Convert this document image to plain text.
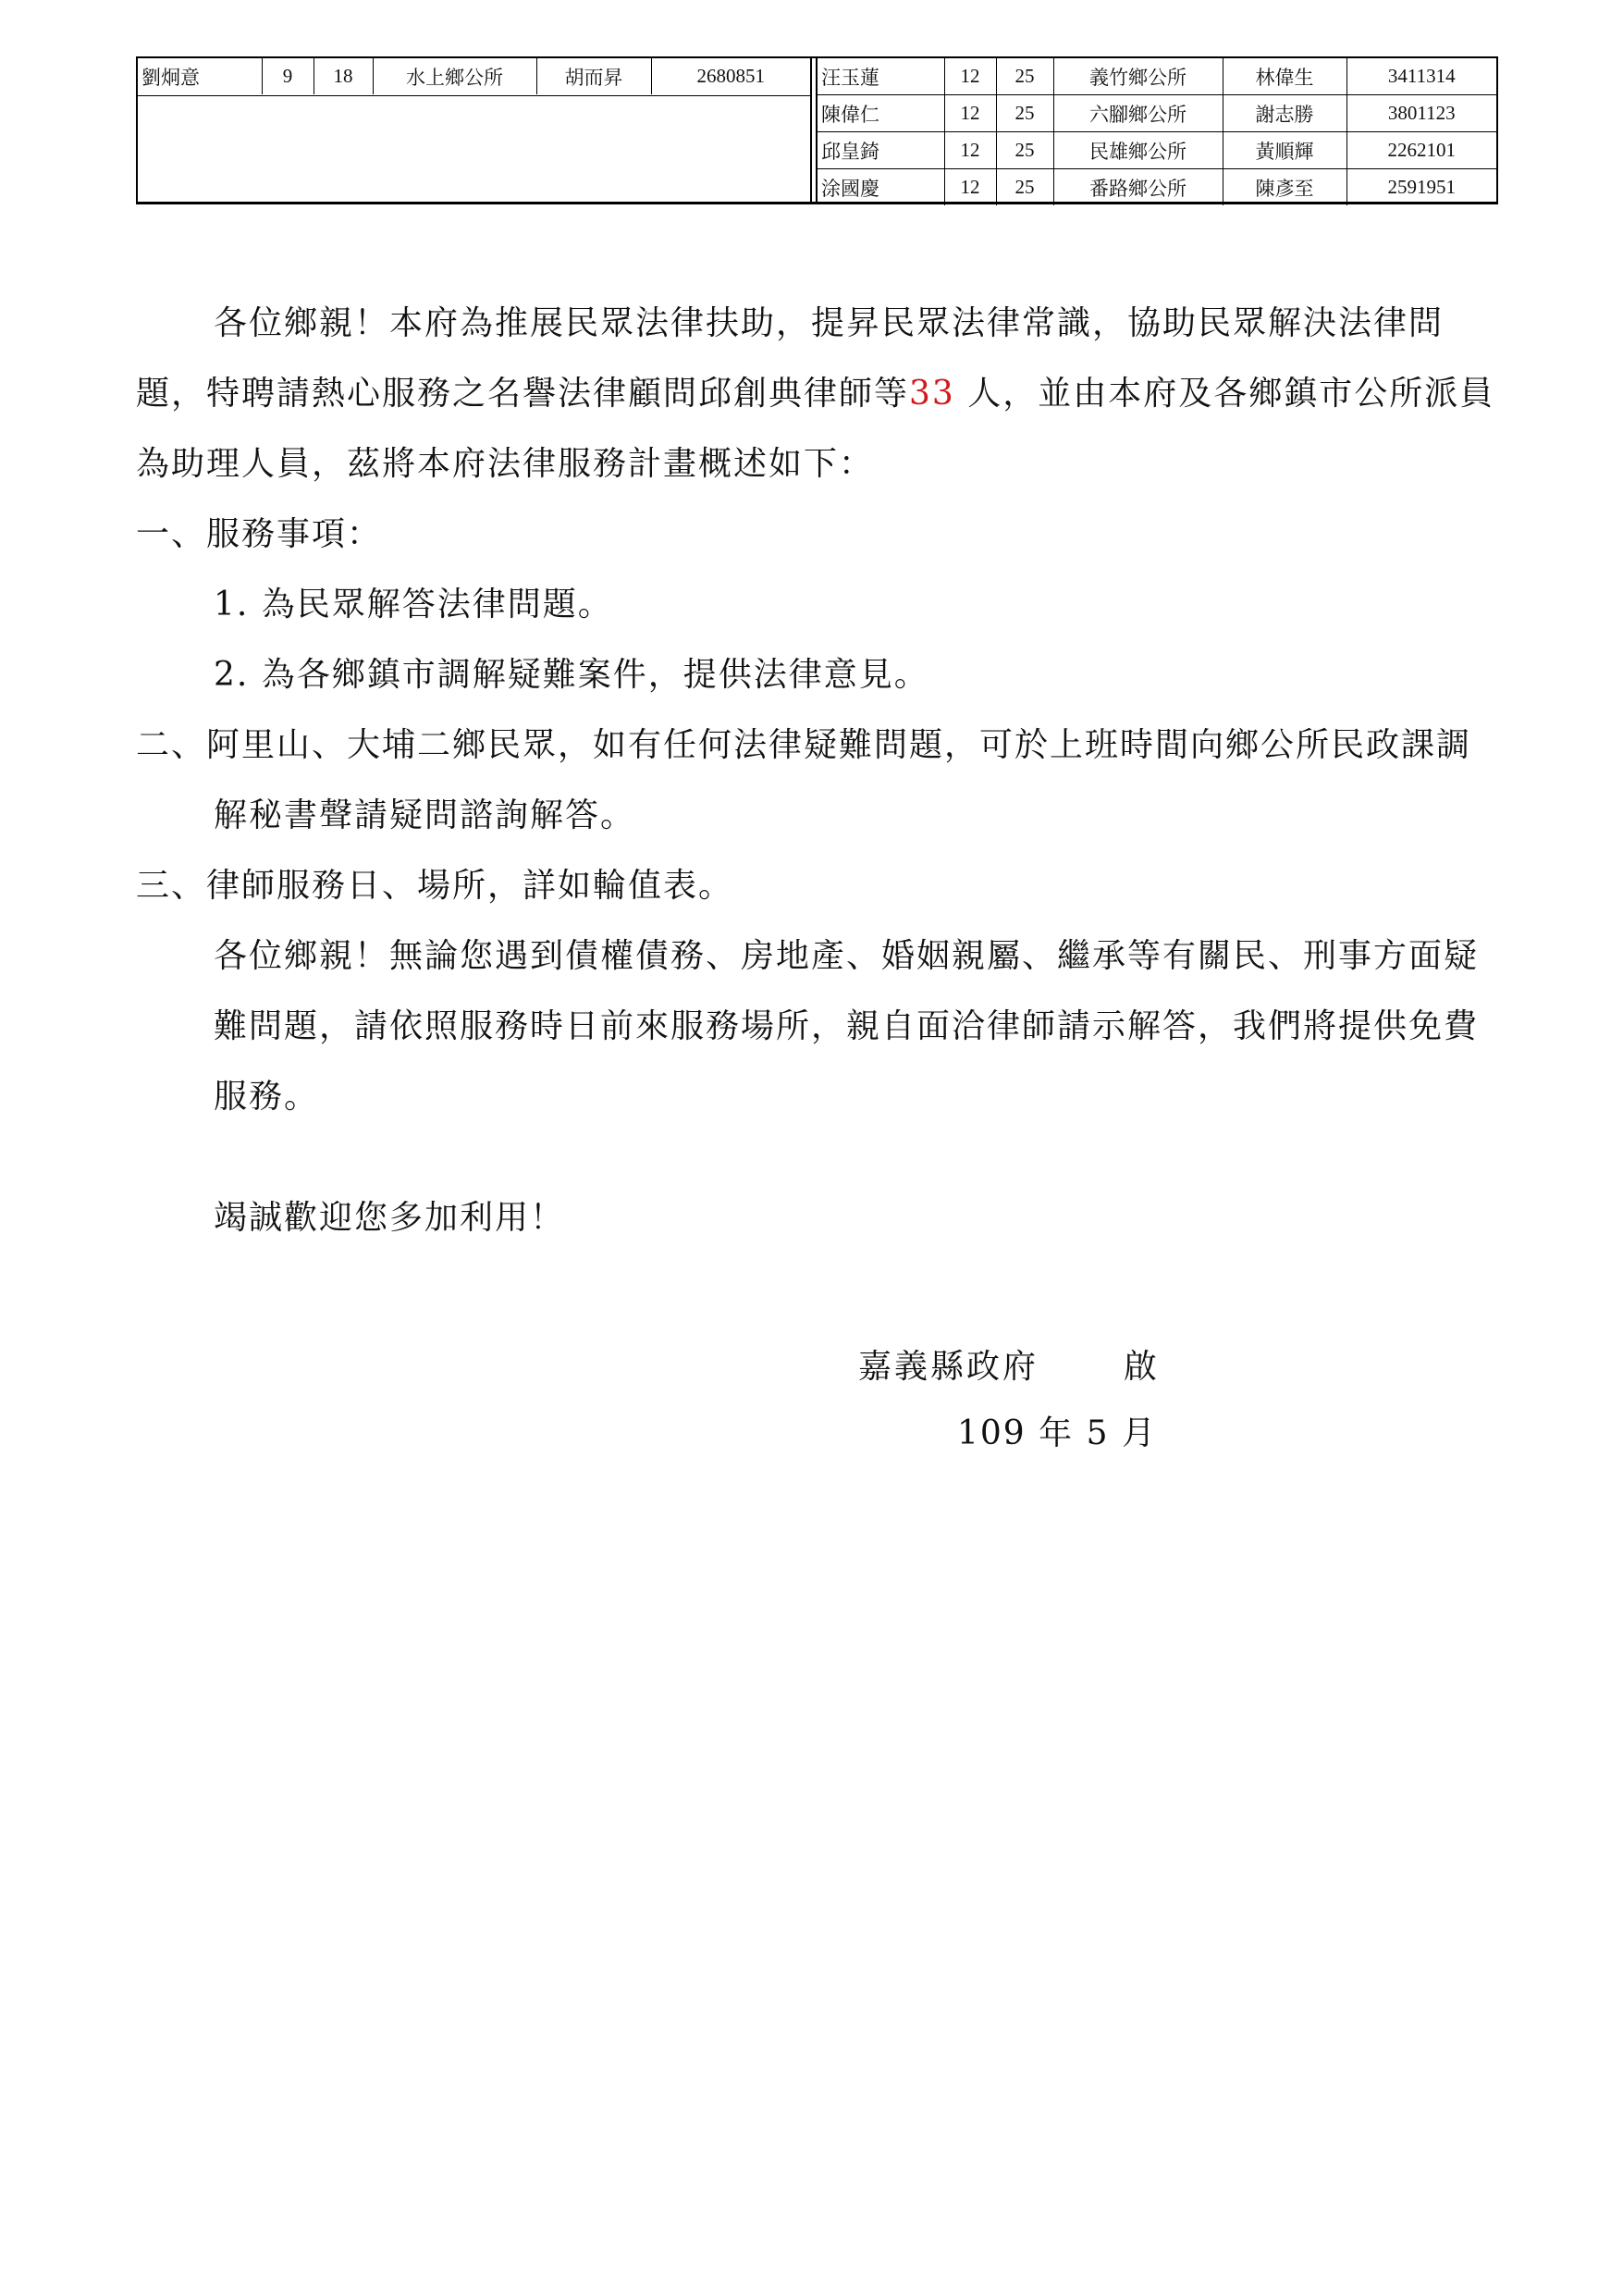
劉炯意	9	18	水上鄉公所	胡而昇	2680851	汪玉蓮	12	25	義竹鄉公所	林偉生	3411314
陳偉仁	12	25	六腳鄉公所	謝志勝	3801123
邱皇錡	12	25	民雄鄉公所	黃順輝	2262101
涂國慶	12	25	番路鄉公所	陳彥至	2591951

各位鄉親！本府為推展民眾法律扶助，提昇民眾法律常識，協助民眾解決法律問題，特聘請熱心服務之名譽法律顧問邱創典律師等33 人，並由本府及各鄉鎮市公所派員為助理人員，茲將本府法律服務計畫概述如下：

一、服務事項：

1. 為民眾解答法律問題。

2. 為各鄉鎮市調解疑難案件，提供法律意見。

二、阿里山、大埔二鄉民眾，如有任何法律疑難問題，可於上班時間向鄉公所民政課調解秘書聲請疑問諮詢解答。

三、律師服務日、場所，詳如輪值表。

各位鄉親！無論您遇到債權債務、房地產、婚姻親屬、繼承等有關民、刑事方面疑難問題，請依照服務時日前來服務場所，親自面洽律師請示解答，我們將提供免費服務。

竭誠歡迎您多加利用！

嘉義縣政府	啟
109 年 5 月
